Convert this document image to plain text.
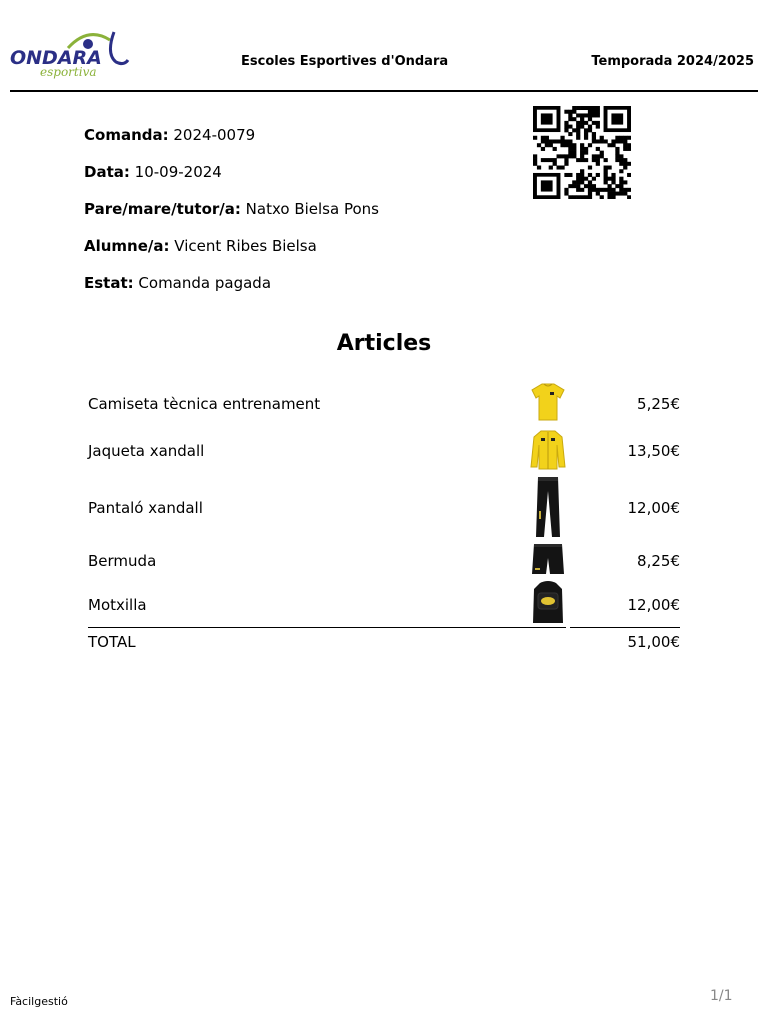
ONDARA
esportiva
Escoles Esportives d'Ondara	Temporada 2024/2025
Comanda: 2024-0079
Data: 10-09-2024
Pare/mare/tutor/a: Natxo Bielsa Pons
Alumne/a: Vicent Ribes Bielsa
Estat: Comanda pagada
Articles
Camiseta tècnica entrenament	5,25€
Jaqueta xandall	13,50€
Pantaló xandall	12,00€
Bermuda	8,25€
Motxilla	12,00€
TOTAL	51,00€
Fàcilgestió	1/1
